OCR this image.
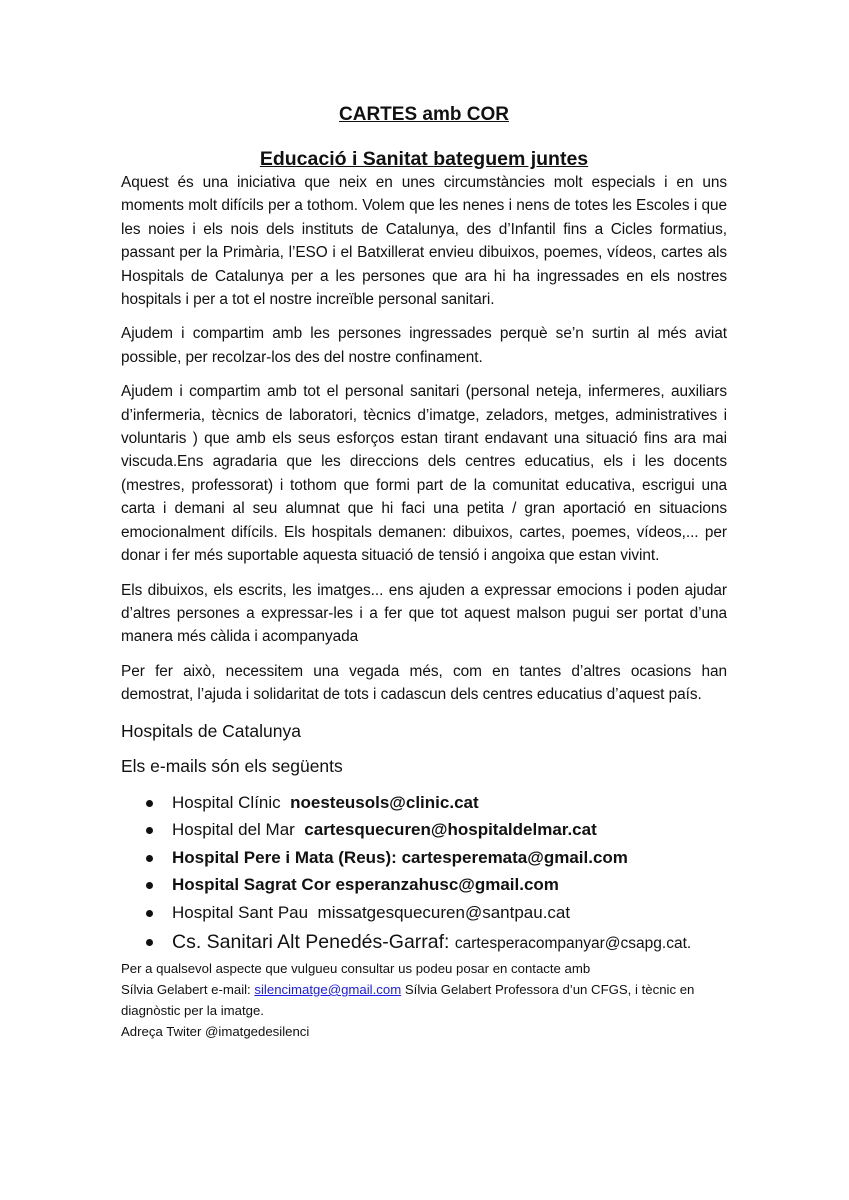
CARTES amb COR
Educació i Sanitat bateguem juntes

Aquest és una iniciativa que neix en unes circumstàncies molt especials i en uns moments molt difícils per a tothom. Volem que les nenes i nens de totes les Escoles i que les noies i els nois dels instituts de Catalunya, des d’Infantil fins a Cicles formatius, passant per la Primària, l’ESO i el Batxillerat envieu dibuixos, poemes, vídeos, cartes als Hospitals de Catalunya per a les persones que ara hi ha ingressades en els nostres hospitals i per a tot el nostre increïble personal sanitari.

Ajudem i compartim amb les persones ingressades perquè se’n surtin al més aviat possible, per recolzar-los des del nostre confinament.

Ajudem i compartim amb tot el personal sanitari (personal neteja, infermeres, auxiliars d’infermeria, tècnics de laboratori, tècnics d’imatge, zeladors, metges, administratives i voluntaris ) que amb els seus esforços estan tirant endavant una situació fins ara mai viscuda.Ens agradaria que les direccions dels centres educatius, els i les docents (mestres, professorat) i tothom que formi part de la comunitat educativa, escrigui una carta i demani al seu alumnat que hi faci una petita / gran aportació en situacions emocionalment difícils. Els hospitals demanen: dibuixos, cartes, poemes, vídeos,... per donar i fer més suportable aquesta situació de tensió i angoixa que estan vivint.

Els dibuixos, els escrits, les imatges... ens ajuden a expressar emocions i poden ajudar d’altres persones a expressar-les i a fer que tot aquest malson pugui ser portat d’una manera més càlida i acompanyada

Per fer això, necessitem una vegada més, com en tantes d’altres ocasions han demostrat, l’ajuda i solidaritat de tots i cadascun dels centres educatius d’aquest país.

Hospitals de Catalunya

Els e-mails són els següents

Hospital Clínic noesteusols@clinic.cat
Hospital del Mar cartesquecuren@hospitaldelmar.cat
Hospital Pere i Mata (Reus): cartesperemata@gmail.com
Hospital Sagrat Cor esperanzahusc@gmail.com
Hospital Sant Pau missatgesquecuren@santpau.cat
Cs. Sanitari Alt Penedés-Garraf: cartesperacompanyar@csapg.cat.

Per a qualsevol aspecte que vulgueu consultar us podeu posar en contacte amb

Sílvia Gelabert e-mail: silencimatge@gmail.com Sílvia Gelabert Professora d’un CFGS, i tècnic en diagnòstic per la imatge.

Adreça Twiter @imatgedesilenci
